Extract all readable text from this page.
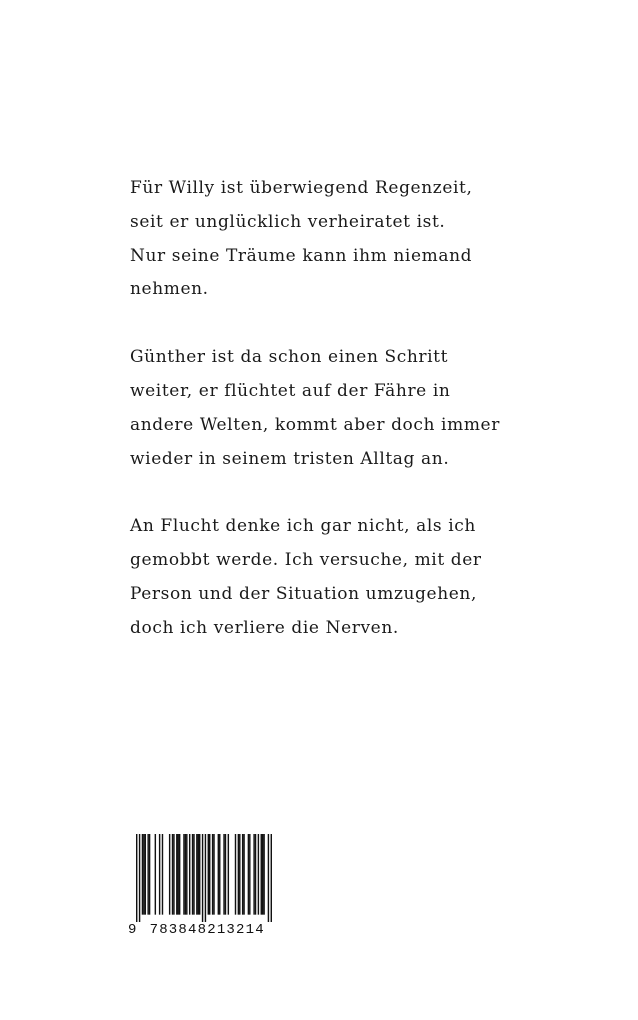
Für Willy ist überwiegend Regenzeit,
seit er unglücklich verheiratet ist.
Nur seine Träume kann ihm niemand
nehmen.

Günther ist da schon einen Schritt
weiter, er flüchtet auf der Fähre in
andere Welten, kommt aber doch immer
wieder in seinem tristen Alltag an.

An Flucht denke ich gar nicht, als ich
gemobbt werde. Ich versuche, mit der
Person und der Situation umzugehen,
doch ich verliere die Nerven.

9 783848213214
